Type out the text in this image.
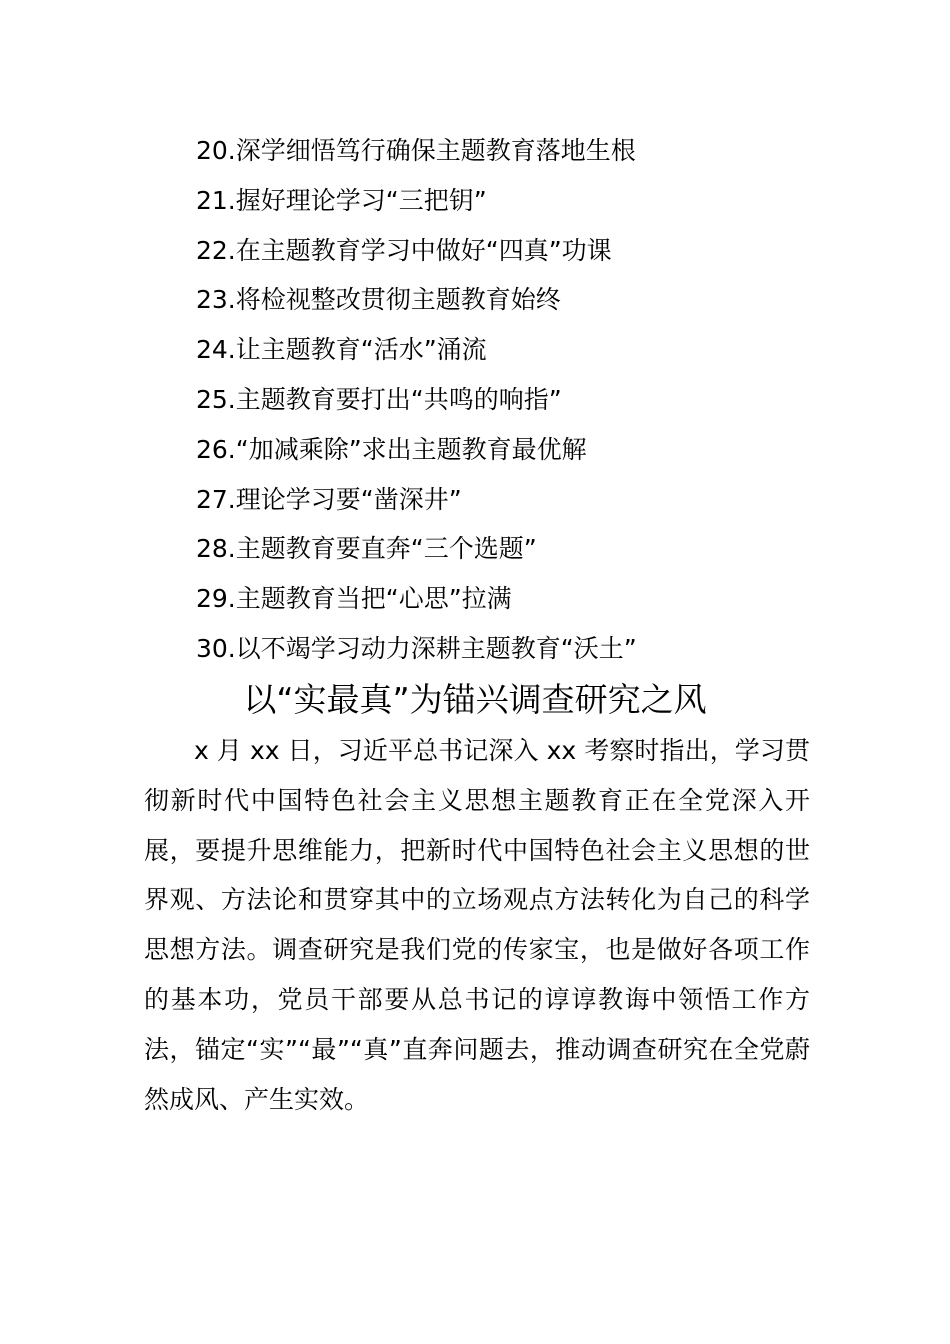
20.深学细悟笃行确保主题教育落地生根
21.握好理论学习“三把钥”
22.在主题教育学习中做好“四真”功课
23.将检视整改贯彻主题教育始终
24.让主题教育“活水”涌流
25.主题教育要打出“共鸣的响指”
26.“加减乘除”求出主题教育最优解
27.理论学习要“凿深井”
28.主题教育要直奔“三个选题”
29.主题教育当把“心思”拉满
30.以不竭学习动力深耕主题教育“沃土”
以“实最真”为锚兴调查研究之风

x 月 xx 日，习近平总书记深入 xx 考察时指出，学习贯彻新时代中国特色社会主义思想主题教育正在全党深入开展，要提升思维能力，把新时代中国特色社会主义思想的世界观、方法论和贯穿其中的立场观点方法转化为自己的科学思想方法。调查研究是我们党的传家宝，也是做好各项工作的基本功，党员干部要从总书记的谆谆教诲中领悟工作方法，锚定“实”“最”“真”直奔问题去，推动调查研究在全党蔚然成风、产生实效。
